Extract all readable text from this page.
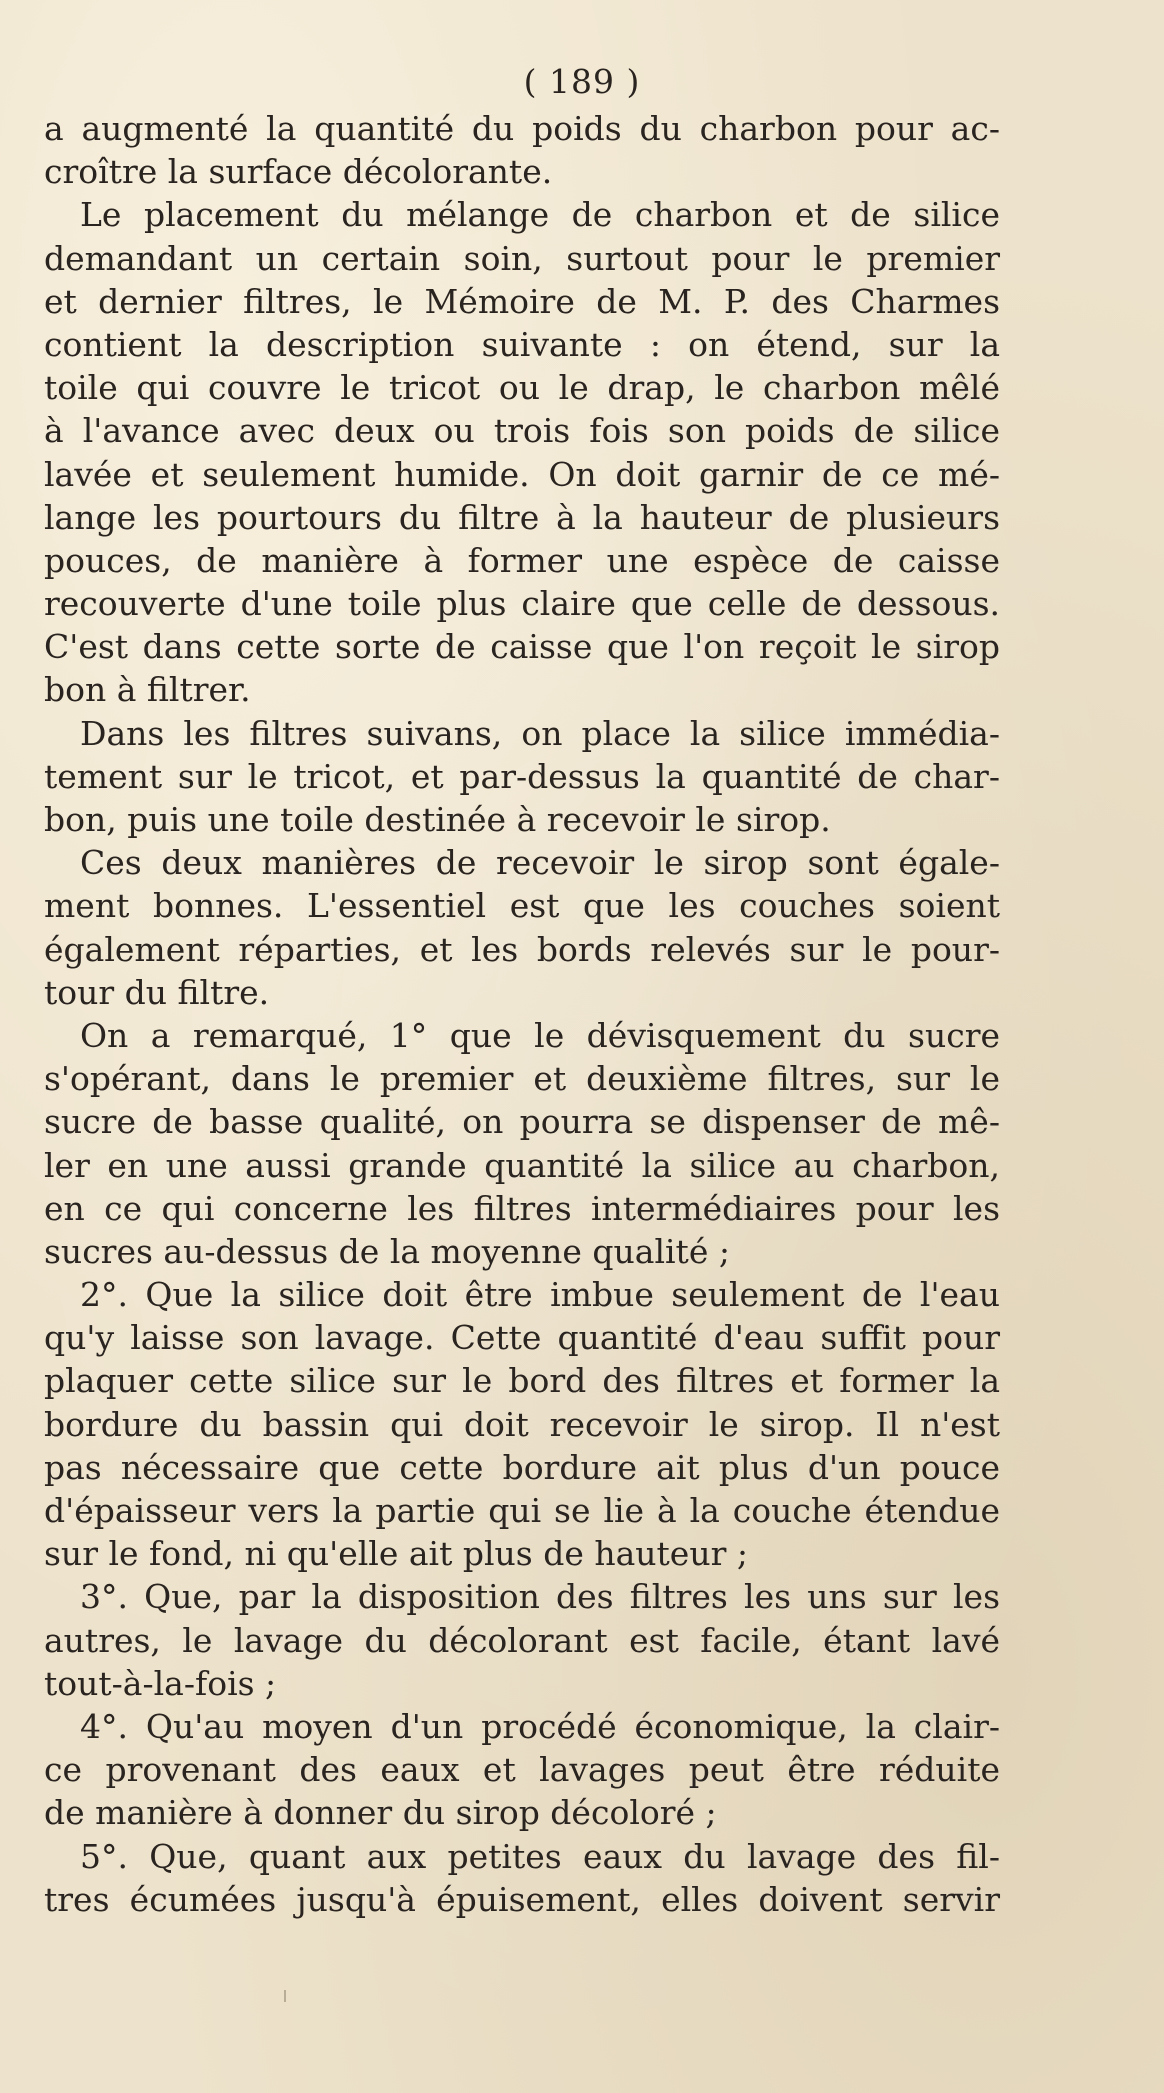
( 189 )
a augmenté la quantité du poids du charbon pour ac-
croître la surface décolorante.
Le placement du mélange de charbon et de silice
demandant un certain soin, surtout pour le premier
et dernier filtres, le Mémoire de M. P. des Charmes
contient la description suivante : on étend, sur la
toile qui couvre le tricot ou le drap, le charbon mêlé
à l'avance avec deux ou trois fois son poids de silice
lavée et seulement humide. On doit garnir de ce mé-
lange les pourtours du filtre à la hauteur de plusieurs
pouces, de manière à former une espèce de caisse
recouverte d'une toile plus claire que celle de dessous.
C'est dans cette sorte de caisse que l'on reçoit le sirop
bon à filtrer.
Dans les filtres suivans, on place la silice immédia-
tement sur le tricot, et par-dessus la quantité de char-
bon, puis une toile destinée à recevoir le sirop.
Ces deux manières de recevoir le sirop sont égale-
ment bonnes. L'essentiel est que les couches soient
également réparties, et les bords relevés sur le pour-
tour du filtre.
On a remarqué, 1° que le dévisquement du sucre
s'opérant, dans le premier et deuxième filtres, sur le
sucre de basse qualité, on pourra se dispenser de mê-
ler en une aussi grande quantité la silice au charbon,
en ce qui concerne les filtres intermédiaires pour les
sucres au-dessus de la moyenne qualité ;
2°. Que la silice doit être imbue seulement de l'eau
qu'y laisse son lavage. Cette quantité d'eau suffit pour
plaquer cette silice sur le bord des filtres et former la
bordure du bassin qui doit recevoir le sirop. Il n'est
pas nécessaire que cette bordure ait plus d'un pouce
d'épaisseur vers la partie qui se lie à la couche étendue
sur le fond, ni qu'elle ait plus de hauteur ;
3°. Que, par la disposition des filtres les uns sur les
autres, le lavage du décolorant est facile, étant lavé
tout-à-la-fois ;
4°. Qu'au moyen d'un procédé économique, la clair-
ce provenant des eaux et lavages peut être réduite
de manière à donner du sirop décoloré ;
5°. Que, quant aux petites eaux du lavage des fil-
tres écumées jusqu'à épuisement, elles doivent servir
